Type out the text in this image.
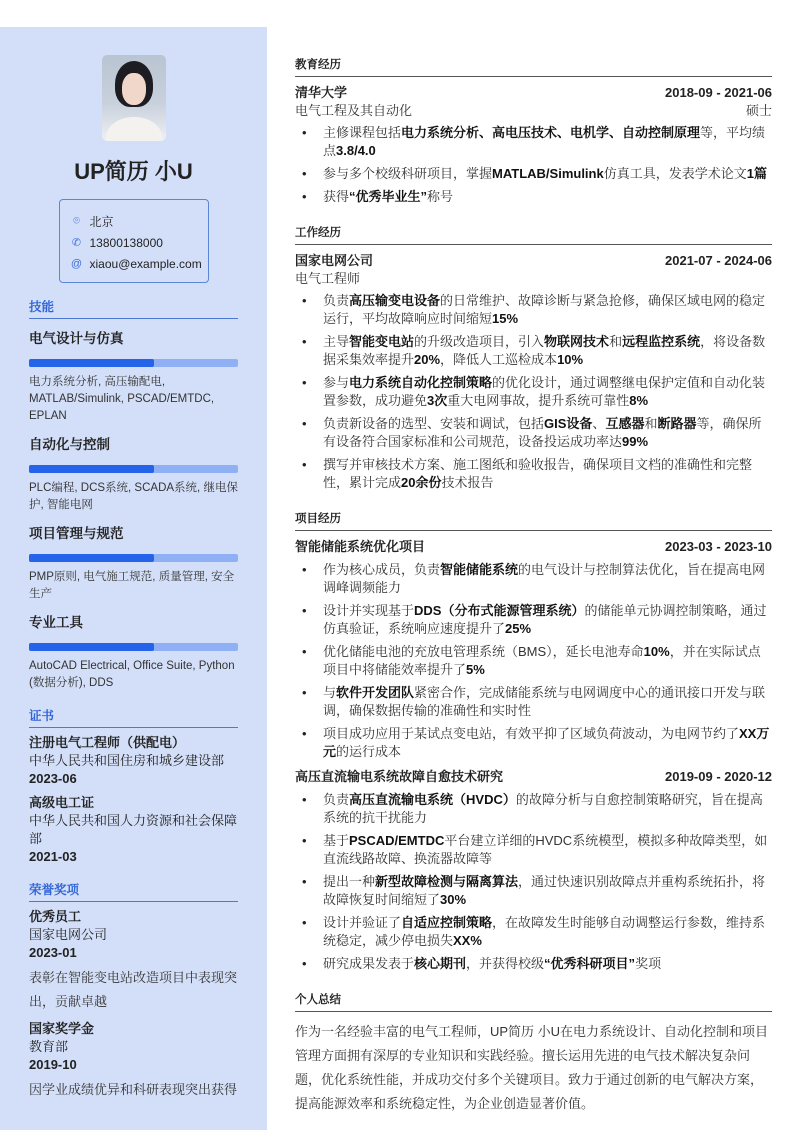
UP简历 小U
⌾ 北京
✆ 13800138000
@ xiaou@example.com
技能
电气设计与仿真
电力系统分析, 高压输配电, MATLAB/Simulink, PSCAD/EMTDC, EPLAN
自动化与控制
PLC编程, DCS系统, SCADA系统, 继电保护, 智能电网
项目管理与规范
PMP原则, 电气施工规范, 质量管理, 安全生产
专业工具
AutoCAD Electrical, Office Suite, Python (数据分析), DDS
证书
注册电气工程师（供配电）
中华人民共和国住房和城乡建设部
2023-06
高级电工证
中华人民共和国人力资源和社会保障部
2021-03
荣誉奖项
优秀员工
国家电网公司
2023-01
表彰在智能变电站改造项目中表现突出，贡献卓越
国家奖学金
教育部
2019-10
因学业成绩优异和科研表现突出获得
教育经历
清华大学	2018-09 - 2021-06
电气工程及其自动化	硕士
• 主修课程包括电力系统分析、高电压技术、电机学、自动控制原理等，平均绩点3.8/4.0
• 参与多个校级科研项目，掌握MATLAB/Simulink仿真工具，发表学术论文1篇
• 获得“优秀毕业生”称号
工作经历
国家电网公司	2021-07 - 2024-06
电气工程师
• 负责高压输变电设备的日常维护、故障诊断与紧急抢修，确保区域电网的稳定运行，平均故障响应时间缩短15%
• 主导智能变电站的升级改造项目，引入物联网技术和远程监控系统，将设备数据采集效率提升20%，降低人工巡检成本10%
• 参与电力系统自动化控制策略的优化设计，通过调整继电保护定值和自动化装置参数，成功避免3次重大电网事故，提升系统可靠性8%
• 负责新设备的选型、安装和调试，包括GIS设备、互感器和断路器等，确保所有设备符合国家标准和公司规范，设备投运成功率达99%
• 撰写并审核技术方案、施工图纸和验收报告，确保项目文档的准确性和完整性，累计完成20余份技术报告
项目经历
智能储能系统优化项目	2023-03 - 2023-10
• 作为核心成员，负责智能储能系统的电气设计与控制算法优化，旨在提高电网调峰调频能力
• 设计并实现基于DDS（分布式能源管理系统）的储能单元协调控制策略，通过仿真验证，系统响应速度提升了25%
• 优化储能电池的充放电管理系统（BMS），延长电池寿命10%，并在实际试点项目中将储能效率提升了5%
• 与软件开发团队紧密合作，完成储能系统与电网调度中心的通讯接口开发与联调，确保数据传输的准确性和实时性
• 项目成功应用于某试点变电站，有效平抑了区域负荷波动，为电网节约了XX万元的运行成本
高压直流输电系统故障自愈技术研究	2019-09 - 2020-12
• 负责高压直流输电系统（HVDC）的故障分析与自愈控制策略研究，旨在提高系统的抗干扰能力
• 基于PSCAD/EMTDC平台建立详细的HVDC系统模型，模拟多种故障类型，如直流线路故障、换流器故障等
• 提出一种新型故障检测与隔离算法，通过快速识别故障点并重构系统拓扑，将故障恢复时间缩短了30%
• 设计并验证了自适应控制策略，在故障发生时能够自动调整运行参数，维持系统稳定，减少停电损失XX%
• 研究成果发表于核心期刊，并获得校级“优秀科研项目”奖项
个人总结
作为一名经验丰富的电气工程师，UP简历 小U在电力系统设计、自动化控制和项目管理方面拥有深厚的专业知识和实践经验。擅长运用先进的电气技术解决复杂问题，优化系统性能，并成功交付多个关键项目。致力于通过创新的电气解决方案，提高能源效率和系统稳定性，为企业创造显著价值。
